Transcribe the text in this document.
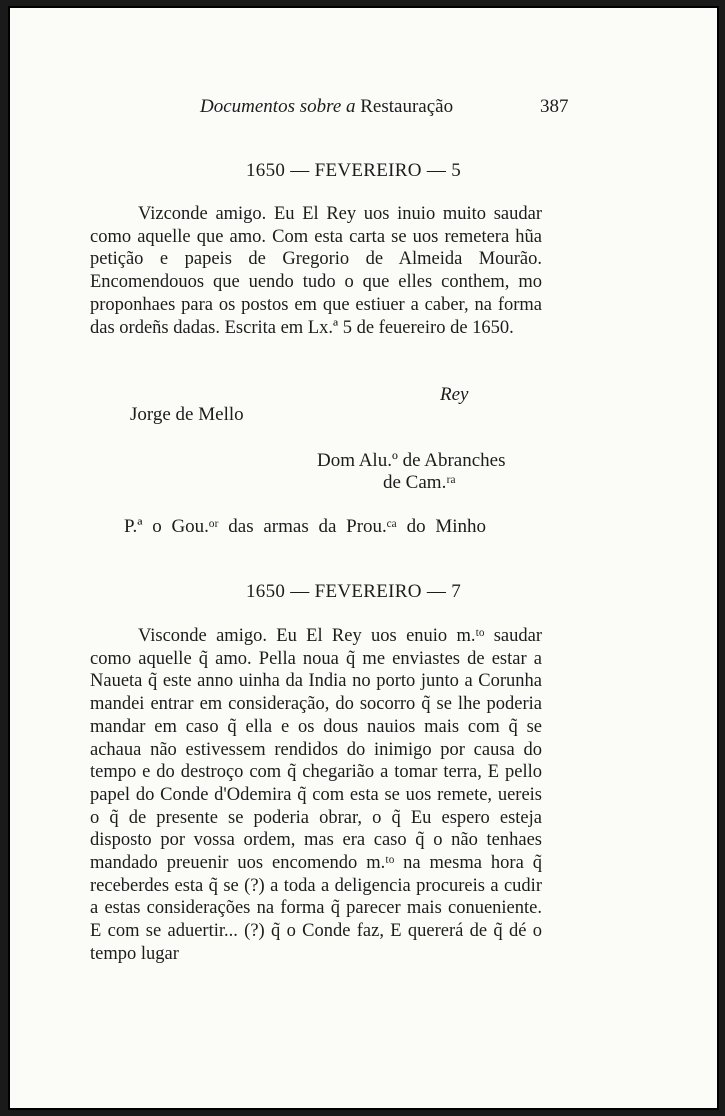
Documentos sobre a Restauração	387
1650 — FEVEREIRO — 5

Vizconde amigo. Eu El Rey uos inuio muito saudar como aquelle que amo. Com esta carta se uos remetera hũa petição e papeis de Gregorio de Almeida Mourão. Encomendouos que uendo tudo o que elles conthem, mo proponhaes para os postos em que estiuer a caber, na forma das ordeñs dadas. Escrita em Lx.ª 5 de feuereiro de 1650.

Rey
Jorge de Mello
Dom Alu.º de Abranches
de Cam.ʳᵃ
P.ª o Gou.ᵒʳ das armas da Prou.ᶜᵃ do Minho
1650 — FEVEREIRO — 7

Visconde amigo. Eu El Rey uos enuio m.ᵗᵒ saudar como aquelle q̃ amo. Pella noua q̃ me enviastes de estar a Naueta q̃ este anno uinha da India no porto junto a Corunha mandei entrar em consideração, do socorro q̃ se lhe poderia mandar em caso q̃ ella e os dous nauios mais com q̃ se achaua não estivessem rendidos do inimigo por causa do tempo e do destroço com q̃ chegarião a tomar terra, E pello papel do Conde d'Odemira q̃ com esta se uos remete, uereis o q̃ de presente se poderia obrar, o q̃ Eu espero esteja disposto por vossa ordem, mas era caso q̃ o não tenhaes mandado preuenir uos encomendo m.ᵗᵒ na mesma hora q̃ receberdes esta q̃ se (?) a toda a deligencia procureis a cudir a estas considerações na forma q̃ parecer mais conueniente. E com se aduertir... (?) q̃ o Conde faz, E quererá de q̃ dé o tempo lugar
